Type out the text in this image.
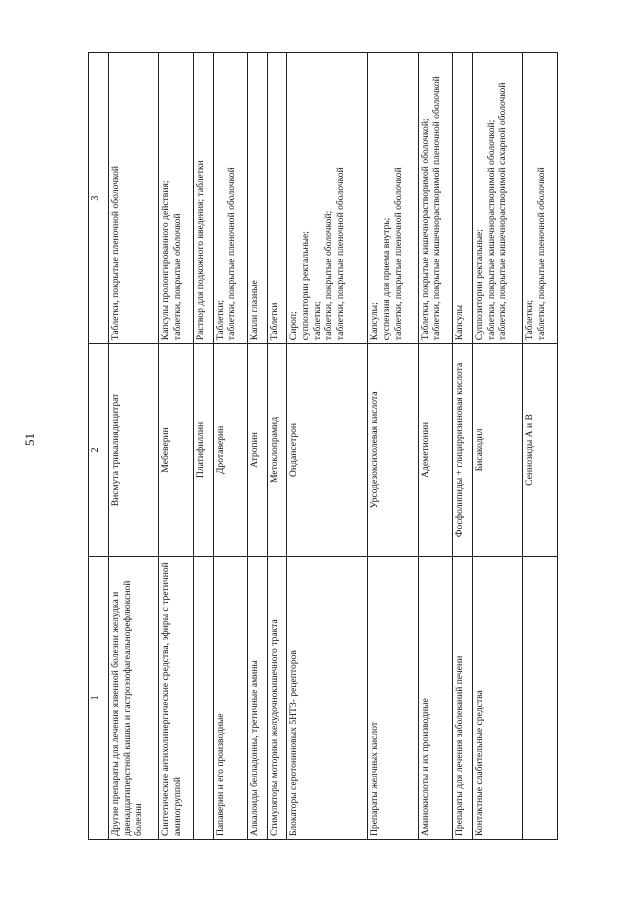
51
1	2	3
Другие препараты для лечения язвенной болезни желудка и двенадцатиперстной кишки и гастроэзофагеальнорефлюксной болезни	Висмута трикалиядицитрат	Таблетки, покрытые пленочной оболочкой

Синтетические антихолинергические средства, эфиры с третичной аминогруппой	Мебеверин	Капсулы пролонгированного действия; таблетки, покрытые оболочкой

	Платифиллин	Раствор для подкожного введения; таблетки

Папаверин и его производные	Дротаверин	Таблетки; таблетки, покрытые пленочной оболочкой

Алкалоиды белладонны, третичные амины	Атропин	Капли глазные

Стимуляторы моторики желудочнокишечного тракта	Метоклопрамид	Таблетки

Блокаторы серотониновых 5НТ3- рецепторов	Ондансетрон	Сироп; суппозитории ректальные; таблетки; таблетки, покрытые оболочкой; таблетки, покрытые пленочной оболочкой

Препараты желчных кислот	Урсодезоксихолевая кислота	Капсулы; суспензия для приема внутрь; таблетки, покрытые пленочной оболочкой

Аминокислоты и их производные	Адеметионин	Таблетки, покрытые кишечнорастворимой оболочкой; таблетки, покрытые кишечнорастворимой пленочной оболочкой

Препараты для лечения заболеваний печени	Фосфолипиды + глицирризиновая кислота	Капсулы

Контактные слабительные средства	Бисакодил	Суппозитории ректальные; таблетки, покрытые кишечнорастворимой оболочкой; таблетки, покрытые кишечнорастворимой сахарной оболочкой

	Сеннозиды А и В	Таблетки; таблетки, покрытые пленочной оболочкой
